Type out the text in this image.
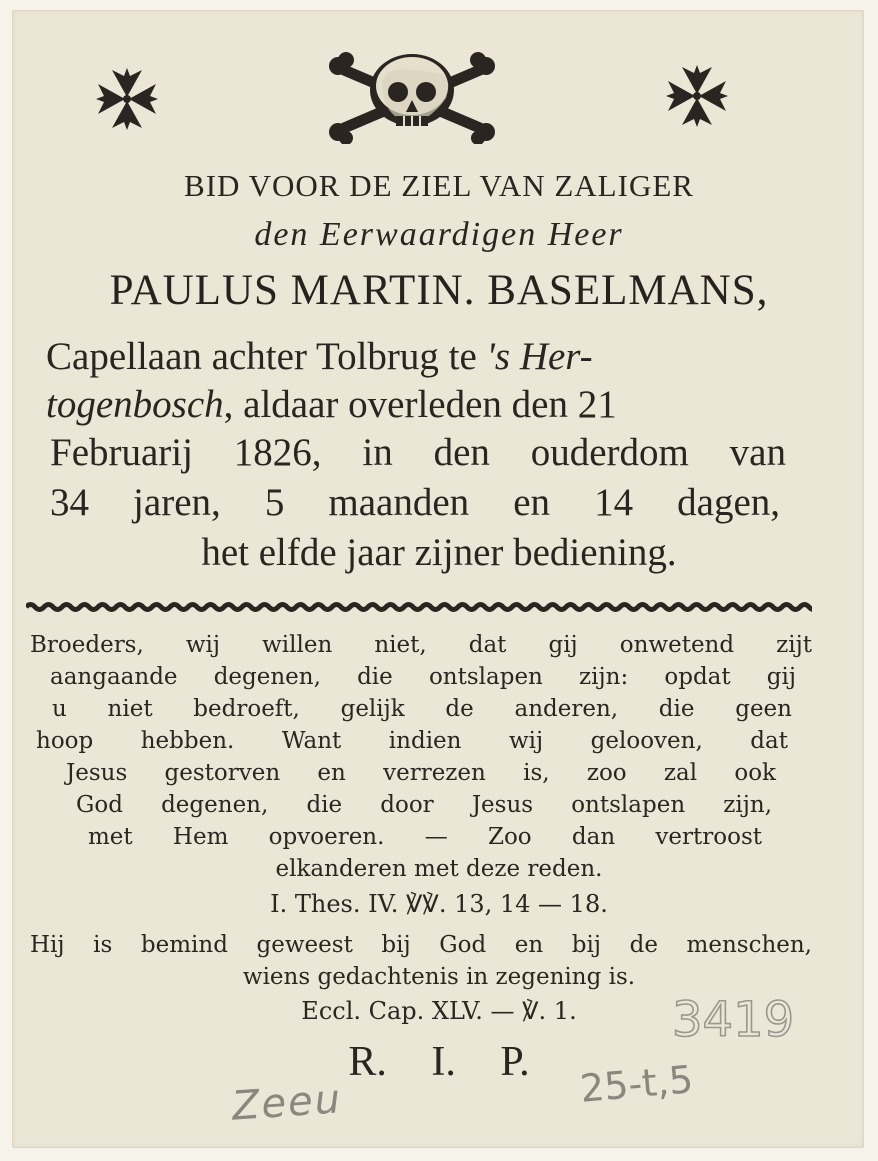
BID VOOR DE ZIEL VAN ZALIGER
den Eerwaardigen Heer
PAULUS MARTIN. BASELMANS,
Capellaan achter Tolbrug te 's Her-
togenbosch, aldaar overleden den 21
Februarij 1826, in den ouderdom van
34 jaren, 5 maanden en 14 dagen,
het elfde jaar zijner bediening.
Broeders, wij willen niet, dat gij onwetend zijt
aangaande degenen, die ontslapen zijn: opdat gij
u niet bedroeft, gelijk de anderen, die geen
hoop hebben. Want indien wij gelooven, dat
Jesus gestorven en verrezen is, zoo zal ook
God degenen, die door Jesus ontslapen zijn,
met Hem opvoeren. — Zoo dan vertroost
elkanderen met deze reden.
I. Thes. IV. ℣℣. 13, 14 — 18.
Hij is bemind geweest bij God en bij de menschen,
wiens gedachtenis in zegening is.
Eccl. Cap. XLV. — ℣. 1.
R. I. P.
3419
25-t,5
Zeeu
